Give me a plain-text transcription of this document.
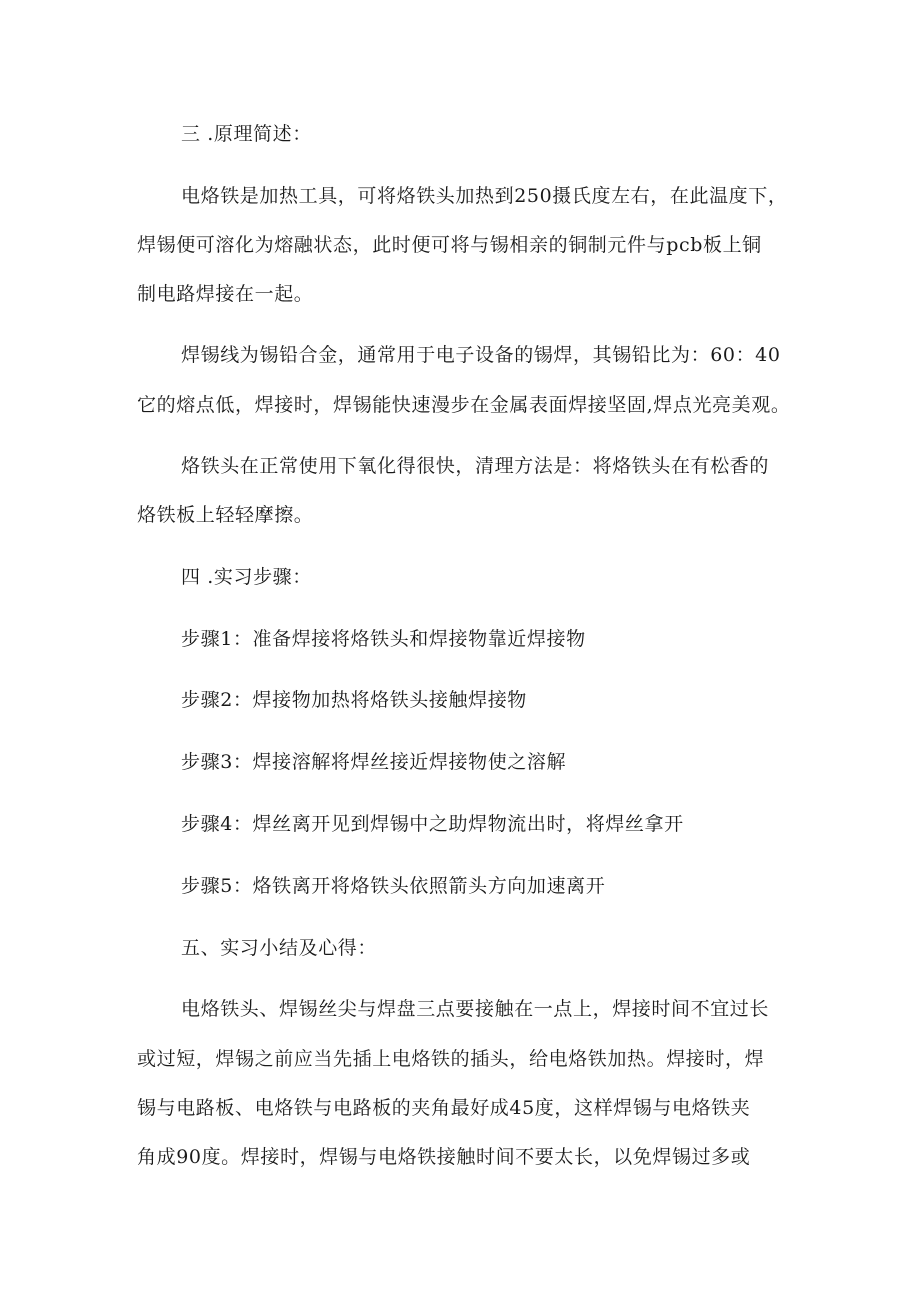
三 .原理简述：
电烙铁是加热工具，可将烙铁头加热到250摄氏度左右，在此温度下，
焊锡便可溶化为熔融状态，此时便可将与锡相亲的铜制元件与pcb板上铜
制电路焊接在一起。
焊锡线为锡铅合金，通常用于电子设备的锡焊，其锡铅比为：60：40
它的熔点低，焊接时，焊锡能快速漫步在金属表面焊接坚固,焊点光亮美观。
烙铁头在正常使用下氧化得很快，清理方法是：将烙铁头在有松香的
烙铁板上轻轻摩擦。
四 .实习步骤：
步骤1：准备焊接将烙铁头和焊接物靠近焊接物
步骤2：焊接物加热将烙铁头接触焊接物
步骤3：焊接溶解将焊丝接近焊接物使之溶解
步骤4：焊丝离开见到焊锡中之助焊物流出时，将焊丝拿开
步骤5：烙铁离开将烙铁头依照箭头方向加速离开
五、实习小结及心得：
电烙铁头、焊锡丝尖与焊盘三点要接触在一点上，焊接时间不宜过长
或过短，焊锡之前应当先插上电烙铁的插头，给电烙铁加热。焊接时，焊
锡与电路板、电烙铁与电路板的夹角最好成45度，这样焊锡与电烙铁夹
角成90度。焊接时，焊锡与电烙铁接触时间不要太长，以免焊锡过多或
